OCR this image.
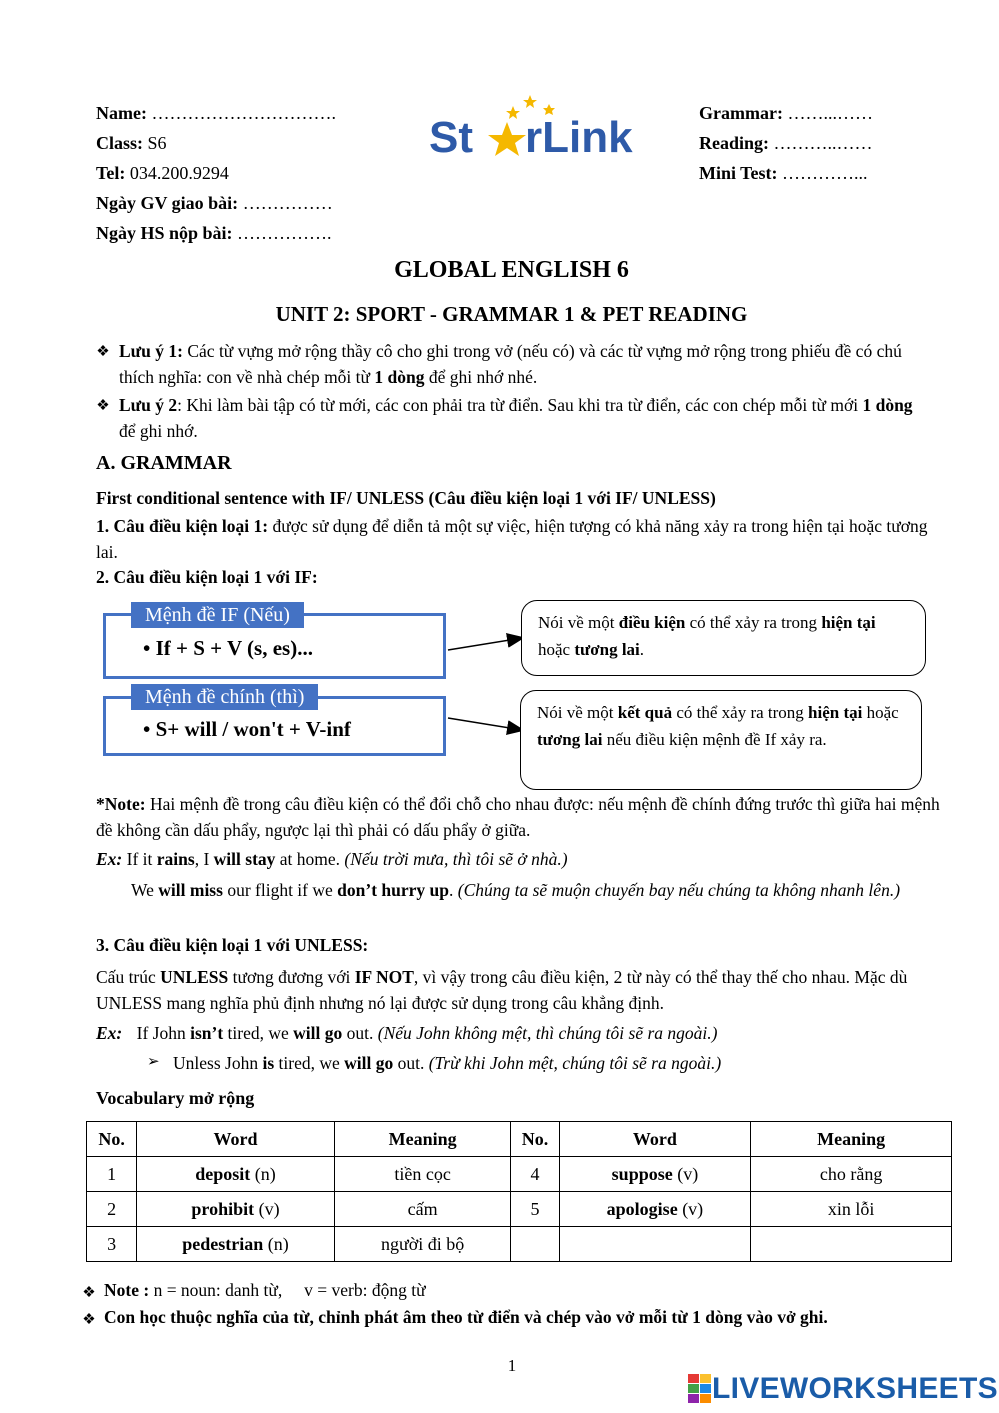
Name: ………………………….
Class: S6
Tel: 034.200.9294
Ngày GV giao bài: ……………
Ngày HS nộp bài: …………….
St rLink	Grammar: ……...……
Reading: ………..……
Mini Test: …………...
GLOBAL ENGLISH 6
UNIT 2: SPORT - GRAMMAR 1 & PET READING
❖ Lưu ý 1: Các từ vựng mở rộng thầy cô cho ghi trong vở (nếu có) và các từ vựng mở rộng trong phiếu đề có chú thích nghĩa: con về nhà chép mỗi từ 1 dòng để ghi nhớ nhé.
❖ Lưu ý 2: Khi làm bài tập có từ mới, các con phải tra từ điển. Sau khi tra từ điển, các con chép mỗi từ mới 1 dòng để ghi nhớ.
A. GRAMMAR
First conditional sentence with IF/ UNLESS (Câu điều kiện loại 1 với IF/ UNLESS)
1. Câu điều kiện loại 1: được sử dụng để diễn tả một sự việc, hiện tượng có khả năng xảy ra trong hiện tại hoặc tương lai.
2. Câu điều kiện loại 1 với IF:
Mệnh đề IF (Nếu)
• If + S + V (s, es)...
Mệnh đề chính (thì)
• S+ will / won't + V-inf
Nói về một điều kiện có thể xảy ra trong hiện tại hoặc tương lai.
Nói về một kết quả có thể xảy ra trong hiện tại hoặc tương lai nếu điều kiện mệnh đề If xảy ra.
*Note: Hai mệnh đề trong câu điều kiện có thể đổi chỗ cho nhau được: nếu mệnh đề chính đứng trước thì giữa hai mệnh đề không cần dấu phẩy, ngược lại thì phải có dấu phẩy ở giữa.
Ex: If it rains, I will stay at home. (Nếu trời mưa, thì tôi sẽ ở nhà.)
We will miss our flight if we don’t hurry up. (Chúng ta sẽ muộn chuyến bay nếu chúng ta không nhanh lên.)
3. Câu điều kiện loại 1 với UNLESS:
Cấu trúc UNLESS tương đương với IF NOT, vì vậy trong câu điều kiện, 2 từ này có thể thay thế cho nhau. Mặc dù UNLESS mang nghĩa phủ định nhưng nó lại được sử dụng trong câu khẳng định.
Ex: If John isn’t tired, we will go out. (Nếu John không mệt, thì chúng tôi sẽ ra ngoài.)
➢ Unless John is tired, we will go out. (Trừ khi John mệt, chúng tôi sẽ ra ngoài.)
Vocabulary mở rộng
No.	Word	Meaning	No.	Word	Meaning
1	deposit (n)	tiền cọc	4	suppose (v)	cho rằng
2	prohibit (v)	cấm	5	apologise (v)	xin lỗi
3	pedestrian (n)	người đi bộ			
❖ Note : n = noun: danh từ,     v = verb: động từ
❖ Con học thuộc nghĩa của từ, chỉnh phát âm theo từ điển và chép vào vở mỗi từ 1 dòng vào vở ghi.
1
LIVEWORKSHEETS
